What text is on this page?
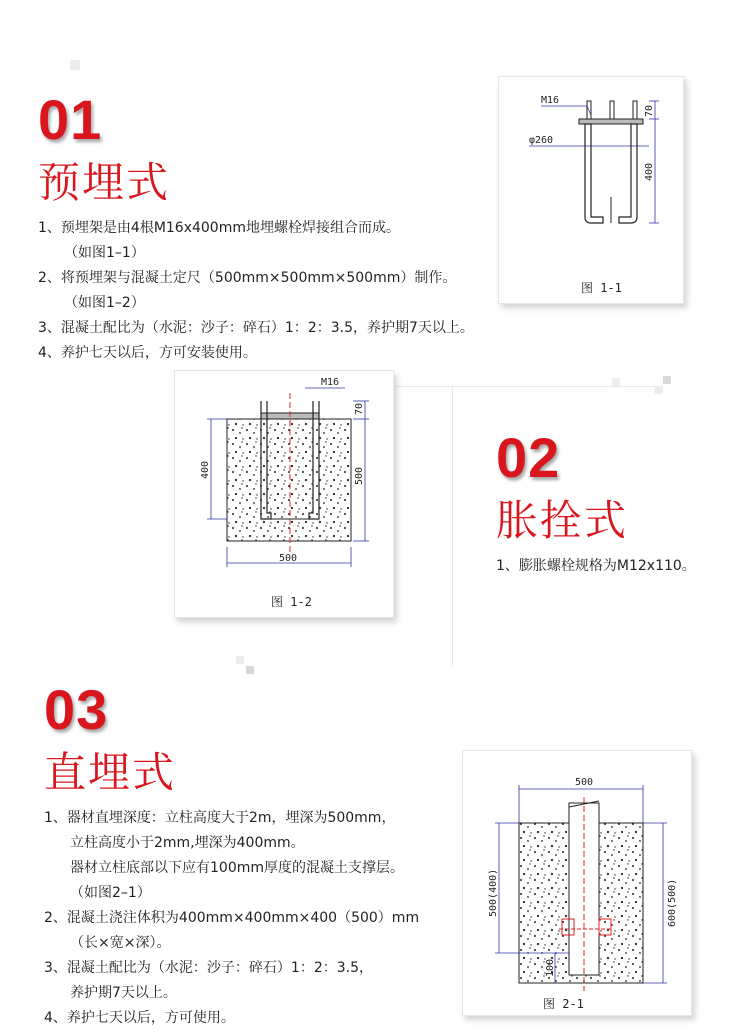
01
预埋式
1、预埋架是由4根M16x400mm地埋螺栓焊接组合而成。
（如图1–1）
2、将预埋架与混凝土定尺（500mm×500mm×500mm）制作。
（如图1–2）
3、混凝土配比为（水泥：沙子：碎石）1：2：3.5，养护期7天以上。
4、养护七天以后，方可安装使用。
M16
φ260
70
400
图 1-1
M16
400
70
500
500
图 1-2
02
胀拴式
1、膨胀螺栓规格为M12x110。
03
直埋式
1、器材直埋深度：立柱高度大于2m，埋深为500mm，
立柱高度小于2mm,埋深为400mm。
器材立柱底部以下应有100mm厚度的混凝土支撑层。
（如图2–1）
2、混凝土浇注体积为400mm×400mm×400（500）mm
（长×宽×深）。
3、混凝土配比为（水泥：沙子：碎石）1：2：3.5，
养护期7天以上。
4、养护七天以后，方可使用。
500
500(400)
100
600(500)
图 2-1
